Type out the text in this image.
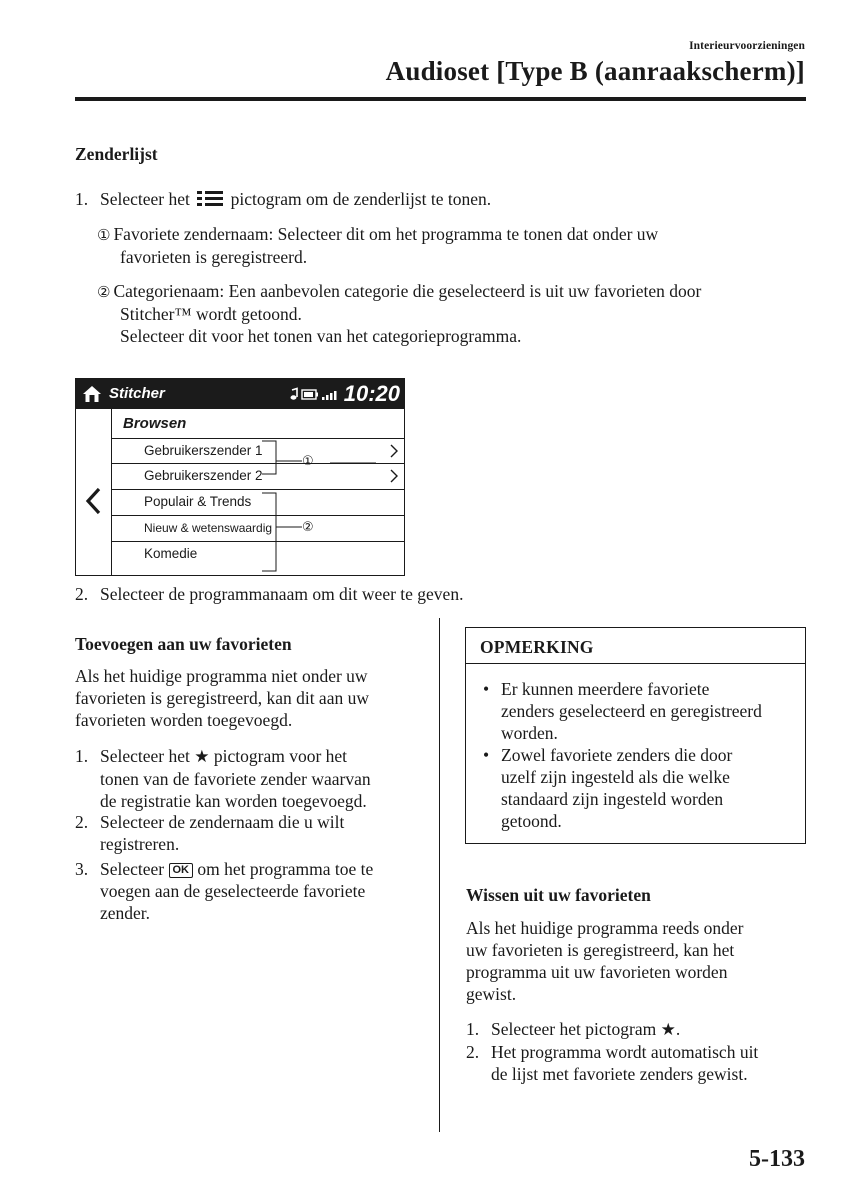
Interieurvoorzieningen
Audioset [Type B (aanraakscherm)]
Zenderlijst
1. Selecteer het pictogram om de zenderlijst te tonen.
① Favoriete zendernaam: Selecteer dit om het programma te tonen dat onder uw
favorieten is geregistreerd.
② Categorienaam: Een aanbevolen categorie die geselecteerd is uit uw favorieten door
Stitcher™ wordt getoond.
Selecteer dit voor het tonen van het categorieprogramma.
Stitcher	10:20
Browsen
Gebruikerszender 1
Gebruikerszender 2
Populair & Trends
Nieuw & wetenswaardig
Komedie
①
②
2. Selecteer de programmanaam om dit weer te geven.
Toevoegen aan uw favorieten
Als het huidige programma niet onder uw
favorieten is geregistreerd, kan dit aan uw
favorieten worden toegevoegd.
1. Selecteer het ★ pictogram voor het
tonen van de favoriete zender waarvan
de registratie kan worden toegevoegd.
2. Selecteer de zendernaam die u wilt
registreren.
3. Selecteer OK om het programma toe te
voegen aan de geselecteerde favoriete
zender.
OPMERKING
• Er kunnen meerdere favoriete
zenders geselecteerd en geregistreerd
worden.
• Zowel favoriete zenders die door
uzelf zijn ingesteld als die welke
standaard zijn ingesteld worden
getoond.
Wissen uit uw favorieten
Als het huidige programma reeds onder
uw favorieten is geregistreerd, kan het
programma uit uw favorieten worden
gewist.
1. Selecteer het pictogram ★.
2. Het programma wordt automatisch uit
de lijst met favoriete zenders gewist.
5-133
